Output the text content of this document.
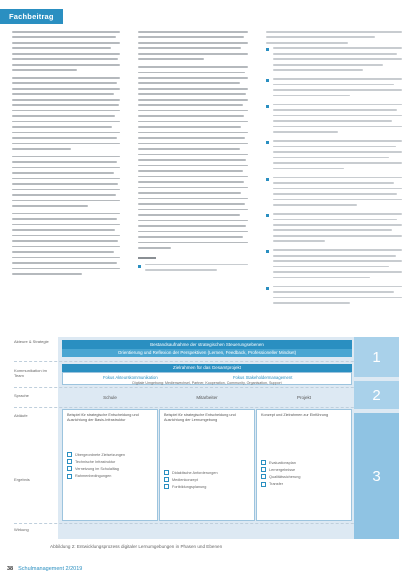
Fachbeitrag
Akteure & Strategie
Kommunikation im Team
Sprache
Abläufe
Ergebnis
Wirkung
1
2
3
Bestandsaufnahme der strategischen Steuerungsebenen
Orientierung und Reflexion der Perspektiven (Lernen, Feedback, Professioneller Mindset)
Zielrahmen für das Gesamtprojekt
Fokus Akteurskommunikation	Fokus Stakeholdermanagement
Digitale Umgebung: Medienwechsel, Partner, Kooperation, Community, Organisation, Support
Schule	Mitarbeiter	Projekt
Beispiel für strategische Entscheidung und Ausrichtung der Basis-Infrastruktur
Übergeordnete Zielsetzungen
Technische Infrastruktur
Vernetzung im Schulalltag
Rahmenbedingungen
Beispiel für strategische Entscheidung und Ausrichtung der Lernumgebung
Didaktische Anforderungen
Medienkonzept
Fortbildungsplanung
Konzept und Zielrahmen zur Einführung
Evaluationsplan
Lernergebnisse
Qualitätssicherung
Transfer
Abbildung 2: Entwicklungsprozess digitaler Lernumgebungen in Phasen und Ebenen
38 Schulmanagement 2/2019
